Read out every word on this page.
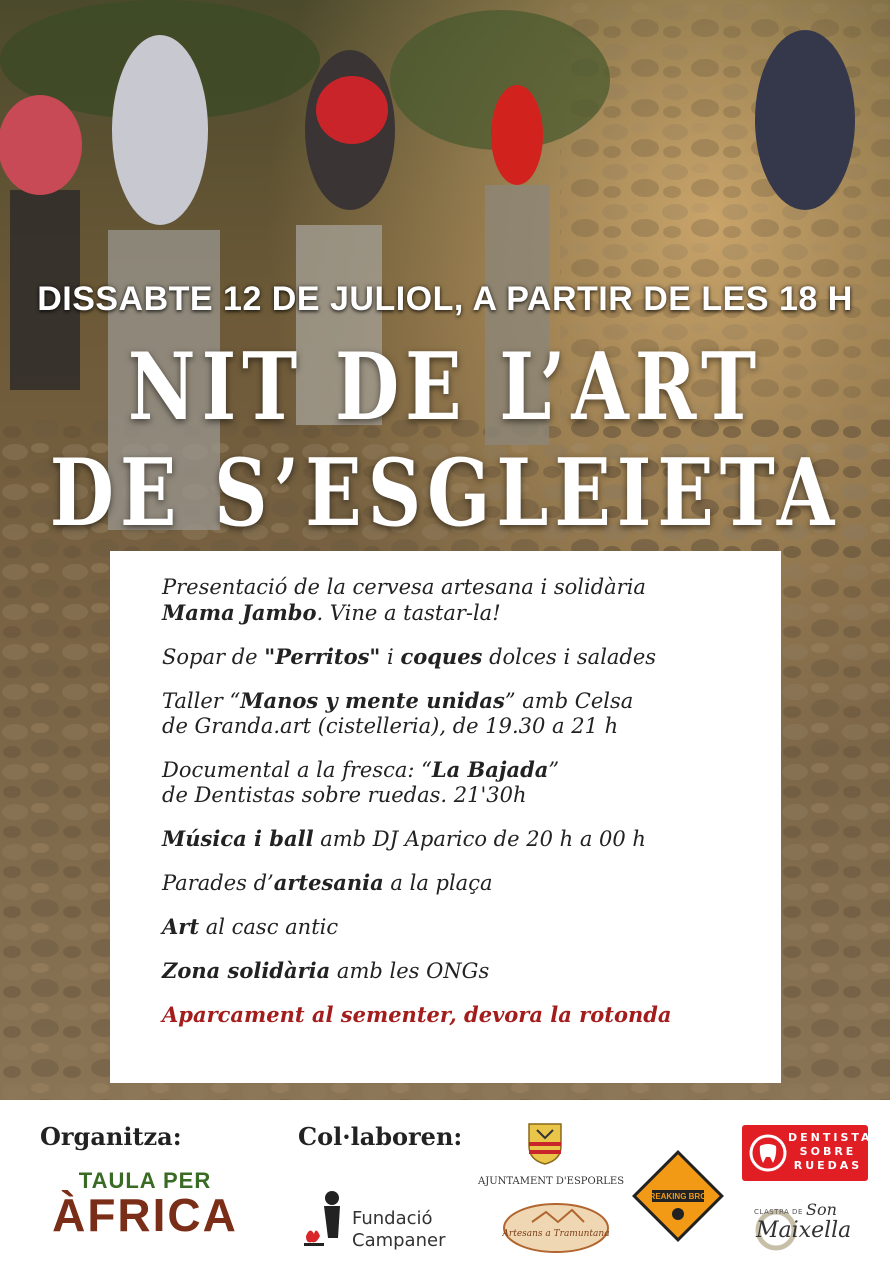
DISSABTE 12 DE JULIOL, A PARTIR DE LES 18 H
NIT DE L’ART
DE S’ESGLEIETA
Presentació de la cervesa artesana i solidària
Mama Jambo. Vine a tastar-la!
Sopar de "Perritos" i coques dolces i salades
Taller “Manos y mente unidas” amb Celsa
de Granda.art (cistelleria), de 19.30 a 21 h
Documental a la fresca: “La Bajada”
de Dentistas sobre ruedas. 21'30h
Música i ball amb DJ Aparico de 20 h a 00 h
Parades d’artesania a la plaça
Art al casc antic
Zona solidària amb les ONGs
Aparcament al sementer, devora la rotonda
Organitza:	Col·laboren:
TAULA PER
ÀFRICA	Fundació
Campaner
AJUNTAMENT D'ESPORLES
Artesans a Tramuntana
BREAKING BROU
DENTISTAS
SOBRE
RUEDAS
CLASTRA DE Son
Maixella
